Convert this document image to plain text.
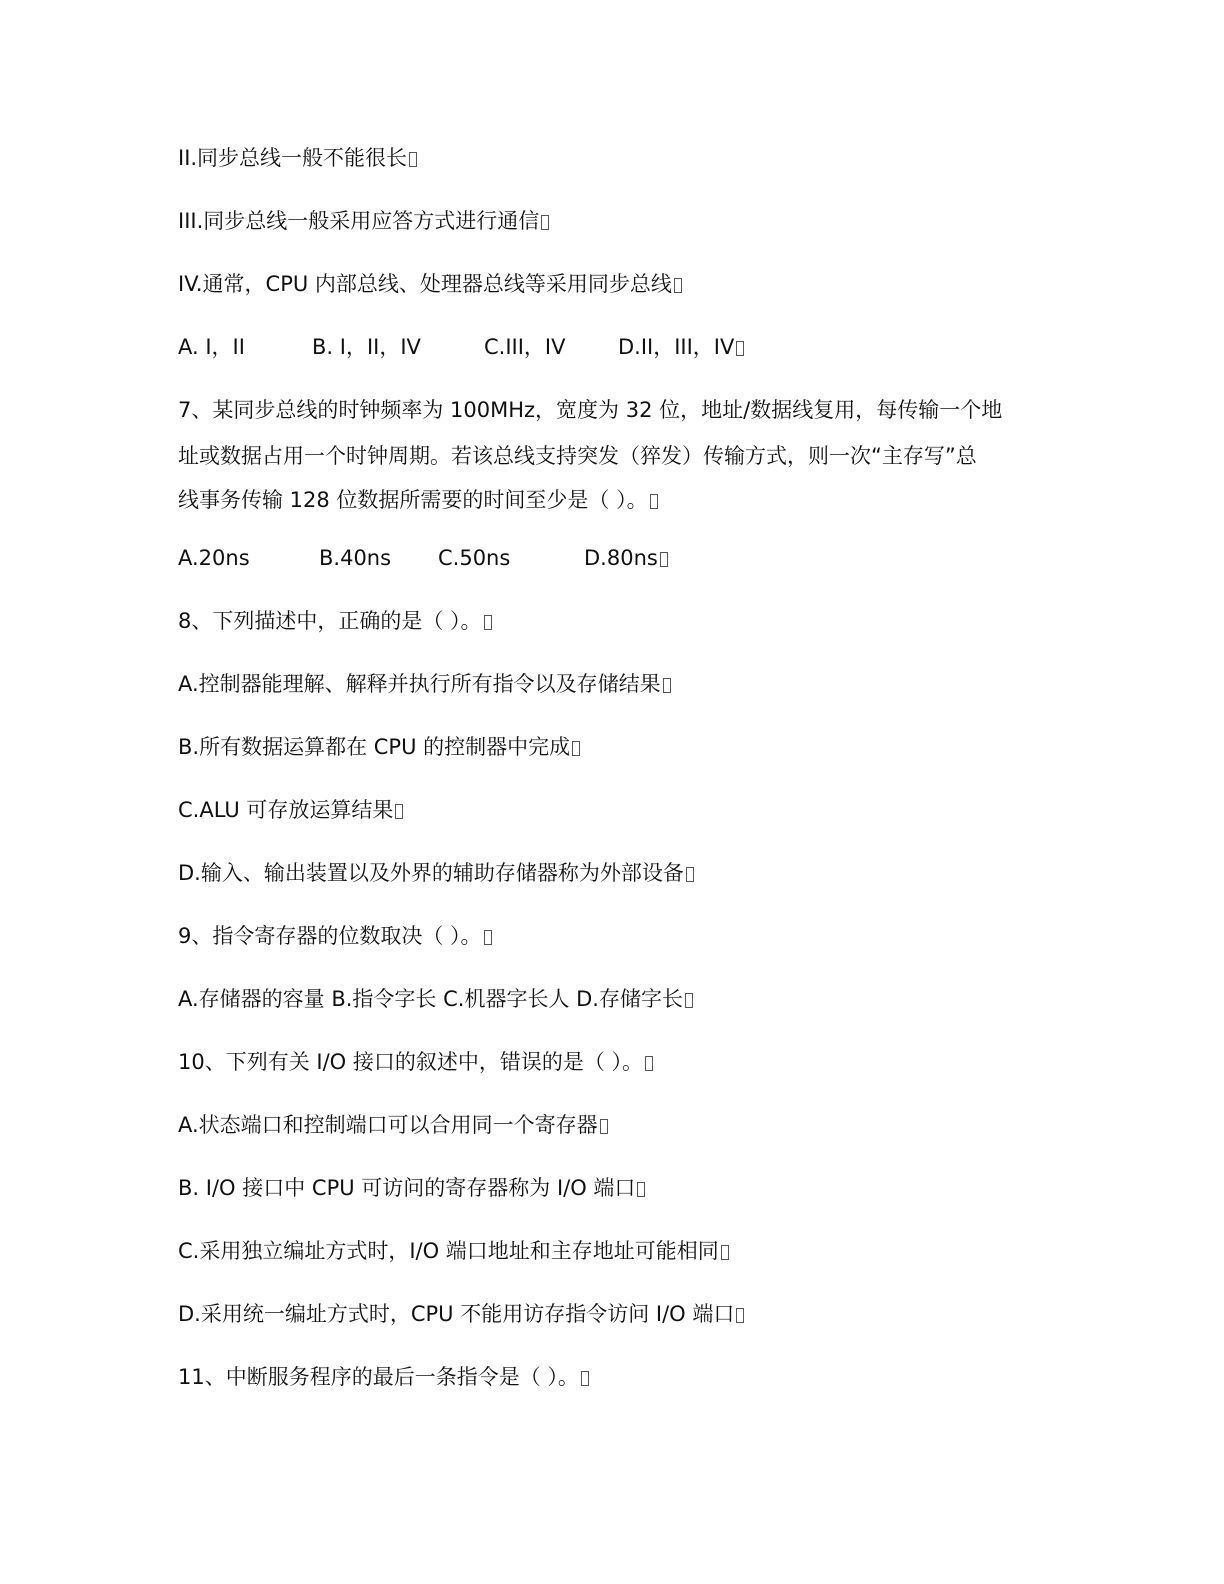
II.同步总线一般不能很长
III.同步总线一般采用应答方式进行通信
IV.通常，CPU 内部总线、处理器总线等采用同步总线
A. I，II	B. I，II，IV	C.III，IV	D.II，III，IV
7、某同步总线的时钟频率为 100MHz，宽度为 32 位，地址/数据线复用，每传输一个地
址或数据占用一个时钟周期。若该总线支持突发（猝发）传输方式，则一次“主存写”总
线事务传输 128 位数据所需要的时间至少是（ ）。
A.20ns	B.40ns C.50ns	D.80ns
8、下列描述中，正确的是（ ）。
A.控制器能理解、解释并执行所有指令以及存储结果
B.所有数据运算都在 CPU 的控制器中完成
C.ALU 可存放运算结果
D.输入、输出装置以及外界的辅助存储器称为外部设备
9、指令寄存器的位数取决（ ）。
A.存储器的容量 B.指令字长 C.机器字长人 D.存储字长
10、下列有关 I/O 接口的叙述中，错误的是（ ）。
A.状态端口和控制端口可以合用同一个寄存器
B. I/O 接口中 CPU 可访问的寄存器称为 I/O 端口
C.采用独立编址方式时，I/O 端口地址和主存地址可能相同
D.采用统一编址方式时，CPU 不能用访存指令访问 I/O 端口
11、中断服务程序的最后一条指令是（ ）。
